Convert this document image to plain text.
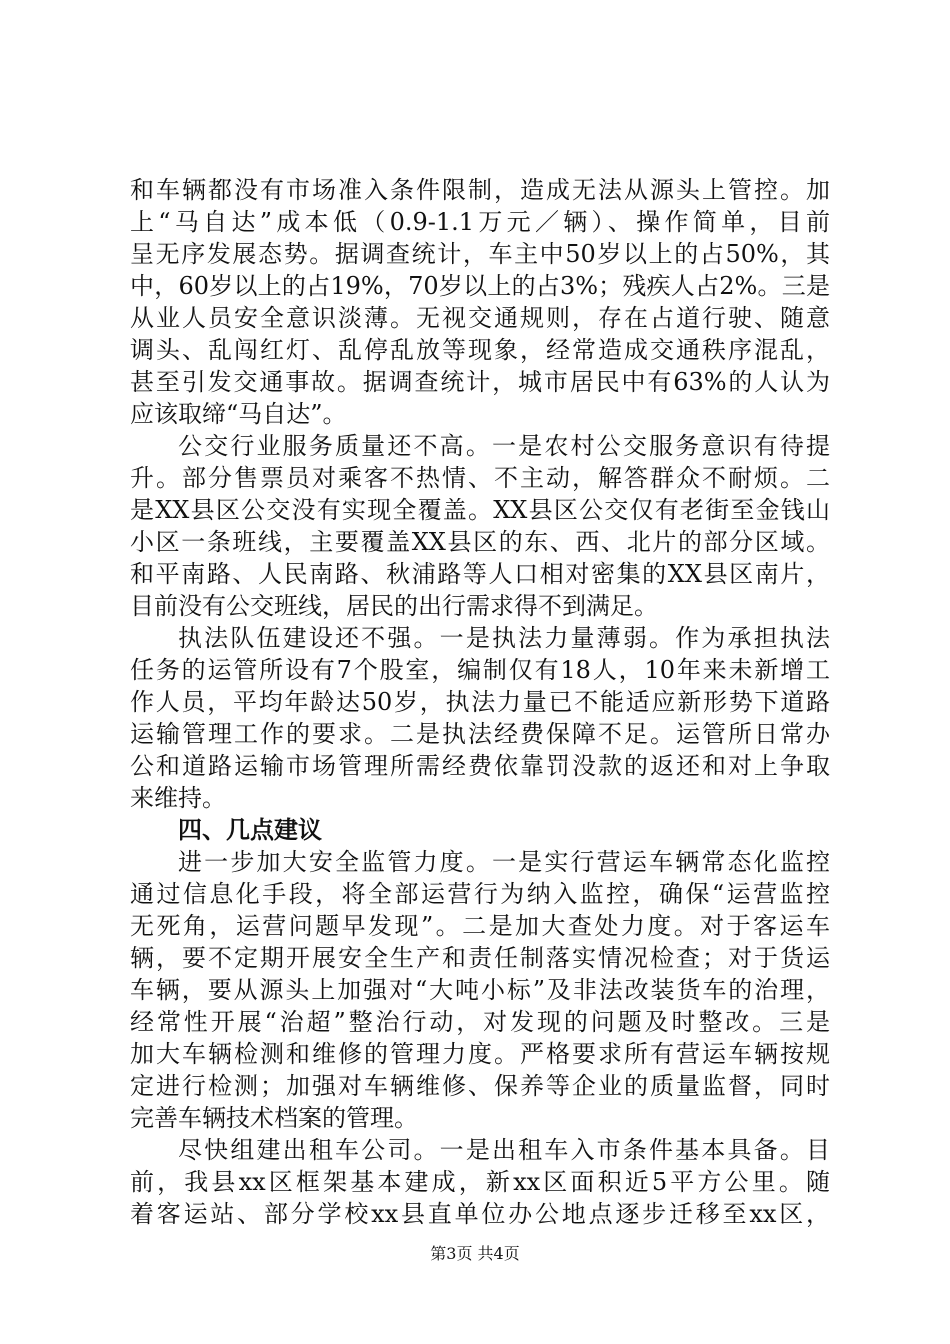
和车辆都没有市场准入条件限制，造成无法从源头上管控。加
上“马自达”成本低（0.9-1.1万元／辆）、操作简单，目前
呈无序发展态势。据调查统计，车主中50岁以上的占50%，其
中，60岁以上的占19%，70岁以上的占3%；残疾人占2%。三是
从业人员安全意识淡薄。无视交通规则，存在占道行驶、随意
调头、乱闯红灯、乱停乱放等现象，经常造成交通秩序混乱，
甚至引发交通事故。据调查统计，城市居民中有63%的人认为
应该取缔“马自达”。
公交行业服务质量还不高。一是农村公交服务意识有待提
升。部分售票员对乘客不热情、不主动，解答群众不耐烦。二
是XX县区公交没有实现全覆盖。XX县区公交仅有老街至金钱山
小区一条班线，主要覆盖XX县区的东、西、北片的部分区域。
和平南路、人民南路、秋浦路等人口相对密集的XX县区南片，
目前没有公交班线，居民的出行需求得不到满足。
执法队伍建设还不强。一是执法力量薄弱。作为承担执法
任务的运管所设有7个股室，编制仅有18人，10年来未新增工
作人员，平均年龄达50岁，执法力量已不能适应新形势下道路
运输管理工作的要求。二是执法经费保障不足。运管所日常办
公和道路运输市场管理所需经费依靠罚没款的返还和对上争取
来维持。
四、几点建议
进一步加大安全监管力度。一是实行营运车辆常态化监控
通过信息化手段，将全部运营行为纳入监控，确保“运营监控
无死角，运营问题早发现”。二是加大查处力度。对于客运车
辆，要不定期开展安全生产和责任制落实情况检查；对于货运
车辆，要从源头上加强对“大吨小标”及非法改装货车的治理，
经常性开展“治超”整治行动，对发现的问题及时整改。三是
加大车辆检测和维修的管理力度。严格要求所有营运车辆按规
定进行检测；加强对车辆维修、保养等企业的质量监督，同时
完善车辆技术档案的管理。
尽快组建出租车公司。一是出租车入市条件基本具备。目
前，我县xx区框架基本建成，新xx区面积近5平方公里。随
着客运站、部分学校xx县直单位办公地点逐步迁移至xx区，
第3页 共4页
